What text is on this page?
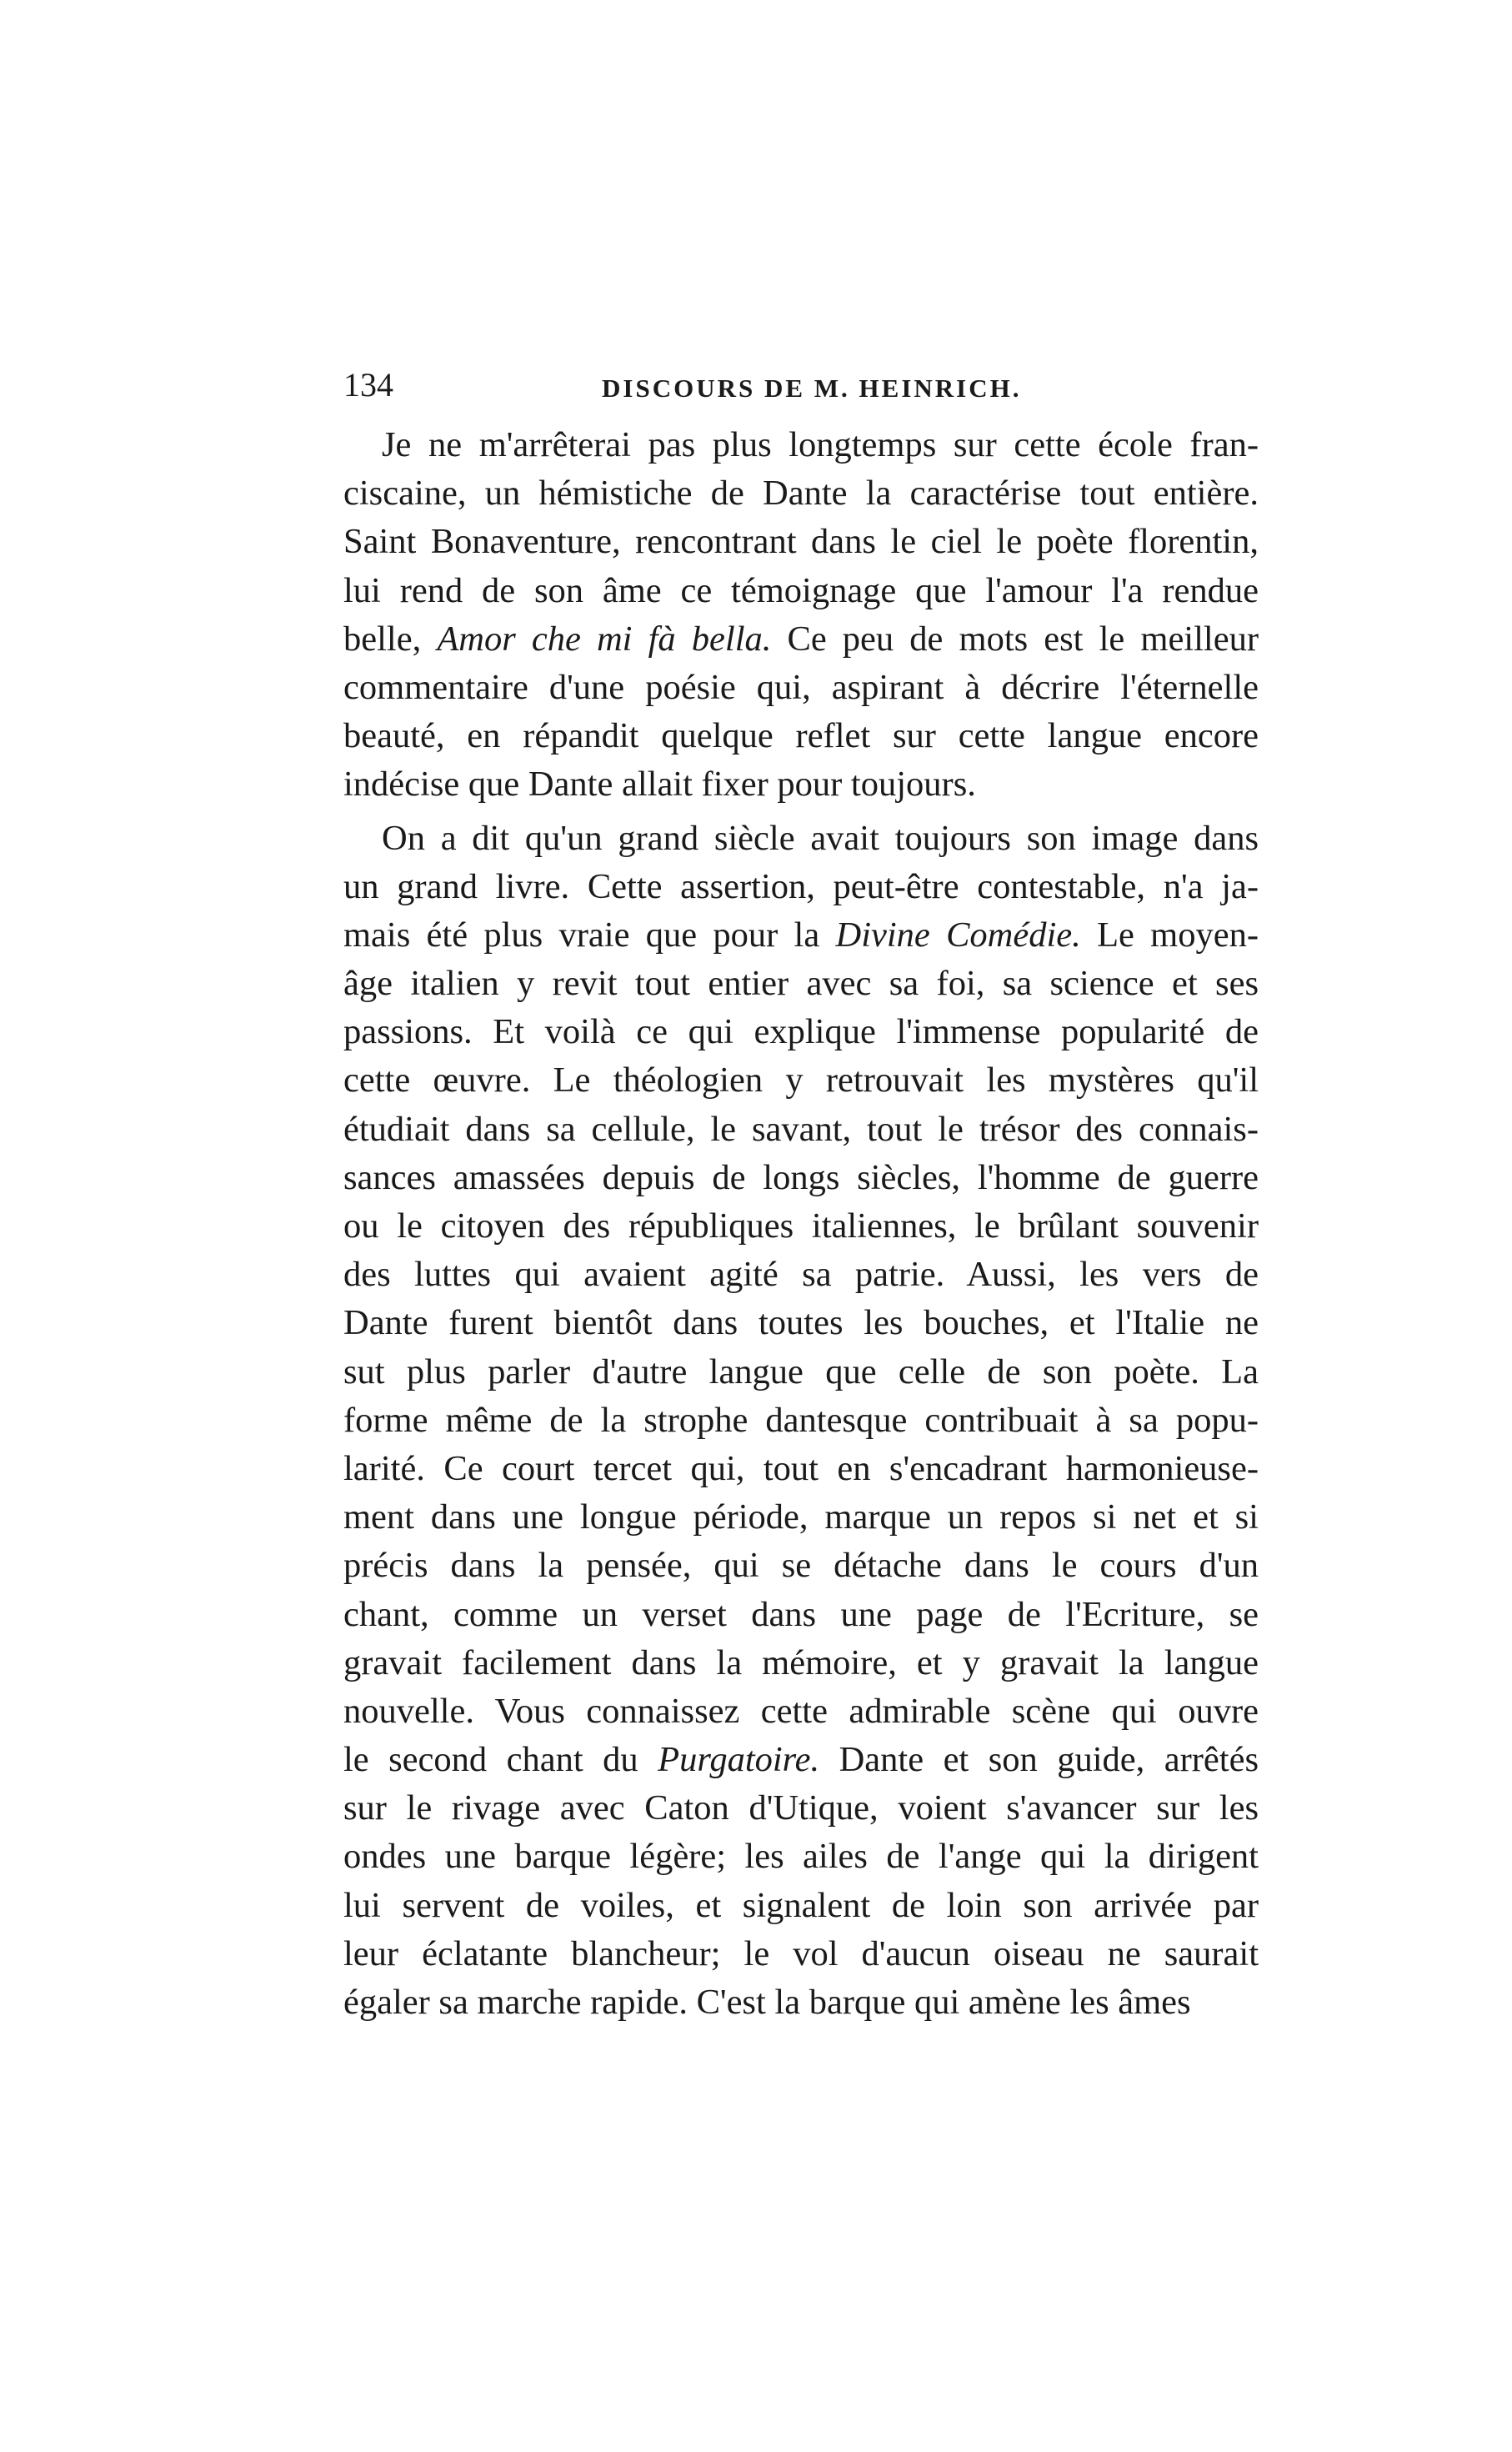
134	DISCOURS DE M. HEINRICH.
Je ne m'arrêterai pas plus longtemps sur cette école fran-
ciscaine, un hémistiche de Dante la caractérise tout entière.
Saint Bonaventure, rencontrant dans le ciel le poète florentin,
lui rend de son âme ce témoignage que l'amour l'a rendue
belle, Amor che mi fà bella. Ce peu de mots est le meilleur
commentaire d'une poésie qui, aspirant à décrire l'éternelle
beauté, en répandit quelque reflet sur cette langue encore
indécise que Dante allait fixer pour toujours.
On a dit qu'un grand siècle avait toujours son image dans
un grand livre. Cette assertion, peut-être contestable, n'a ja-
mais été plus vraie que pour la Divine Comédie. Le moyen-
âge italien y revit tout entier avec sa foi, sa science et ses
passions. Et voilà ce qui explique l'immense popularité de
cette œuvre. Le théologien y retrouvait les mystères qu'il
étudiait dans sa cellule, le savant, tout le trésor des connais-
sances amassées depuis de longs siècles, l'homme de guerre
ou le citoyen des républiques italiennes, le brûlant souvenir
des luttes qui avaient agité sa patrie. Aussi, les vers de
Dante furent bientôt dans toutes les bouches, et l'Italie ne
sut plus parler d'autre langue que celle de son poète. La
forme même de la strophe dantesque contribuait à sa popu-
larité. Ce court tercet qui, tout en s'encadrant harmonieuse-
ment dans une longue période, marque un repos si net et si
précis dans la pensée, qui se détache dans le cours d'un
chant, comme un verset dans une page de l'Ecriture, se
gravait facilement dans la mémoire, et y gravait la langue
nouvelle. Vous connaissez cette admirable scène qui ouvre
le second chant du Purgatoire. Dante et son guide, arrêtés
sur le rivage avec Caton d'Utique, voient s'avancer sur les
ondes une barque légère; les ailes de l'ange qui la dirigent
lui servent de voiles, et signalent de loin son arrivée par
leur éclatante blancheur; le vol d'aucun oiseau ne saurait
égaler sa marche rapide. C'est la barque qui amène les âmes
